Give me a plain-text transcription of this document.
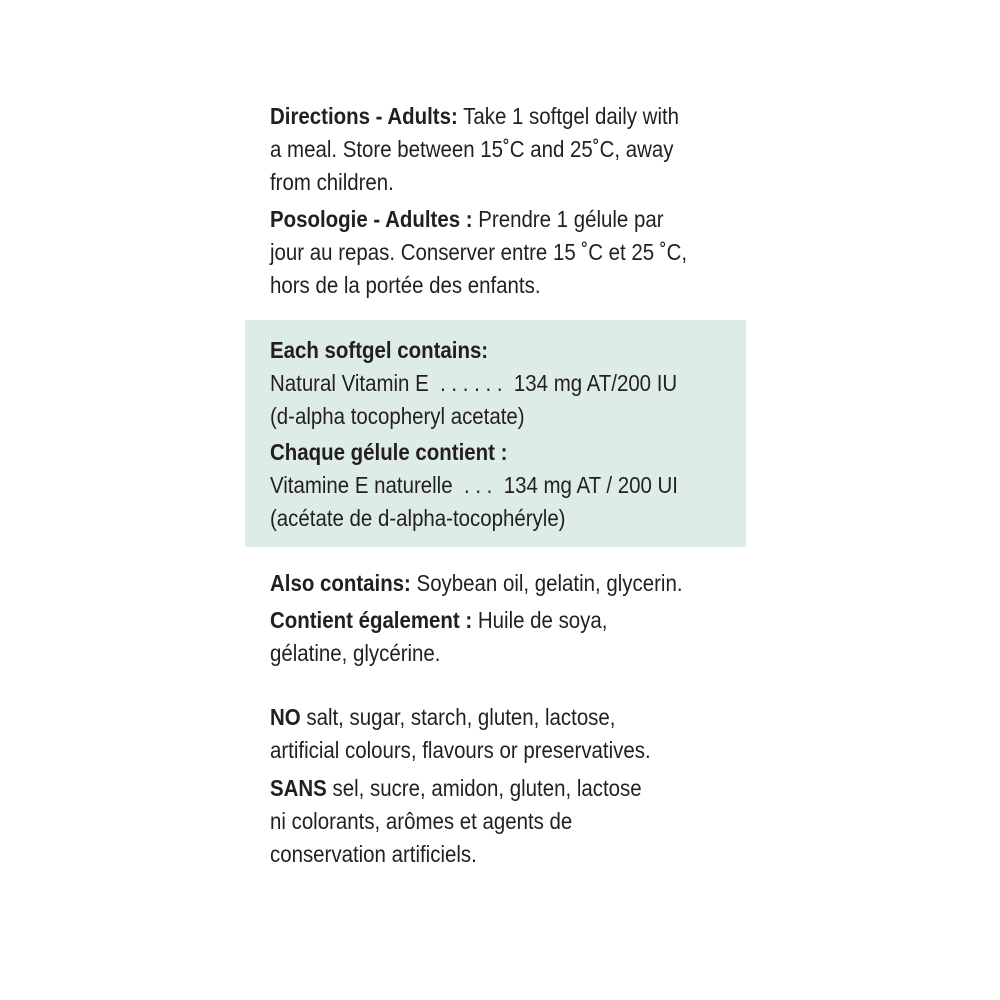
Directions - Adults: Take 1 softgel daily with
a meal. Store between 15˚C and 25˚C, away
from children.
Posologie - Adultes : Prendre 1 gélule par
jour au repas. Conserver entre 15 ˚C et 25 ˚C,
hors de la portée des enfants.
Each softgel contains:
Natural Vitamin E  . . . . . .  134 mg AT/200 IU
(d-alpha tocopheryl acetate)
Chaque gélule contient :
Vitamine E naturelle  . . .  134 mg AT / 200 UI
(acétate de d-alpha-tocophéryle)
Also contains: Soybean oil, gelatin, glycerin.
Contient également : Huile de soya,
gélatine, glycérine.
NO salt, sugar, starch, gluten, lactose,
artificial colours, flavours or preservatives.
SANS sel, sucre, amidon, gluten, lactose
ni colorants, arômes et agents de
conservation artificiels.
